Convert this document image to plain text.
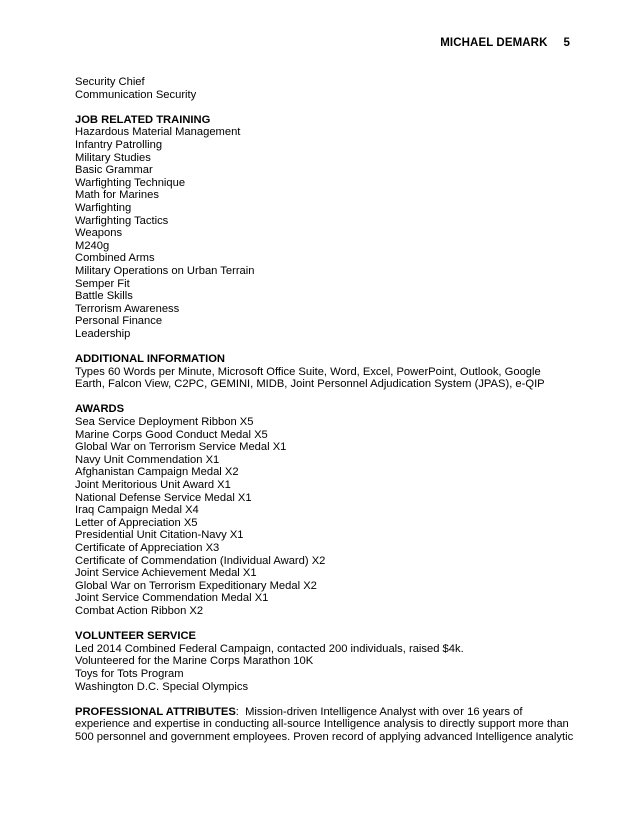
MICHAEL DEMARK 5
Security Chief
Communication Security
JOB RELATED TRAINING
Hazardous Material Management
Infantry Patrolling
Military Studies
Basic Grammar
Warfighting Technique
Math for Marines
Warfighting
Warfighting Tactics
Weapons
M240g
Combined Arms
Military Operations on Urban Terrain
Semper Fit
Battle Skills
Terrorism Awareness
Personal Finance
Leadership
ADDITIONAL INFORMATION
Types 60 Words per Minute, Microsoft Office Suite, Word, Excel, PowerPoint, Outlook, Google
Earth, Falcon View, C2PC, GEMINI, MIDB, Joint Personnel Adjudication System (JPAS), e-QIP
AWARDS
Sea Service Deployment Ribbon X5
Marine Corps Good Conduct Medal X5
Global War on Terrorism Service Medal X1
Navy Unit Commendation X1
Afghanistan Campaign Medal X2
Joint Meritorious Unit Award X1
National Defense Service Medal X1
Iraq Campaign Medal X4
Letter of Appreciation X5
Presidential Unit Citation-Navy X1
Certificate of Appreciation X3
Certificate of Commendation (Individual Award) X2
Joint Service Achievement Medal X1
Global War on Terrorism Expeditionary Medal X2
Joint Service Commendation Medal X1
Combat Action Ribbon X2
VOLUNTEER SERVICE
Led 2014 Combined Federal Campaign, contacted 200 individuals, raised $4k.
Volunteered for the Marine Corps Marathon 10K
Toys for Tots Program
Washington D.C. Special Olympics
PROFESSIONAL ATTRIBUTES:  Mission-driven Intelligence Analyst with over 16 years of
experience and expertise in conducting all-source Intelligence analysis to directly support more than
500 personnel and government employees. Proven record of applying advanced Intelligence analytic
